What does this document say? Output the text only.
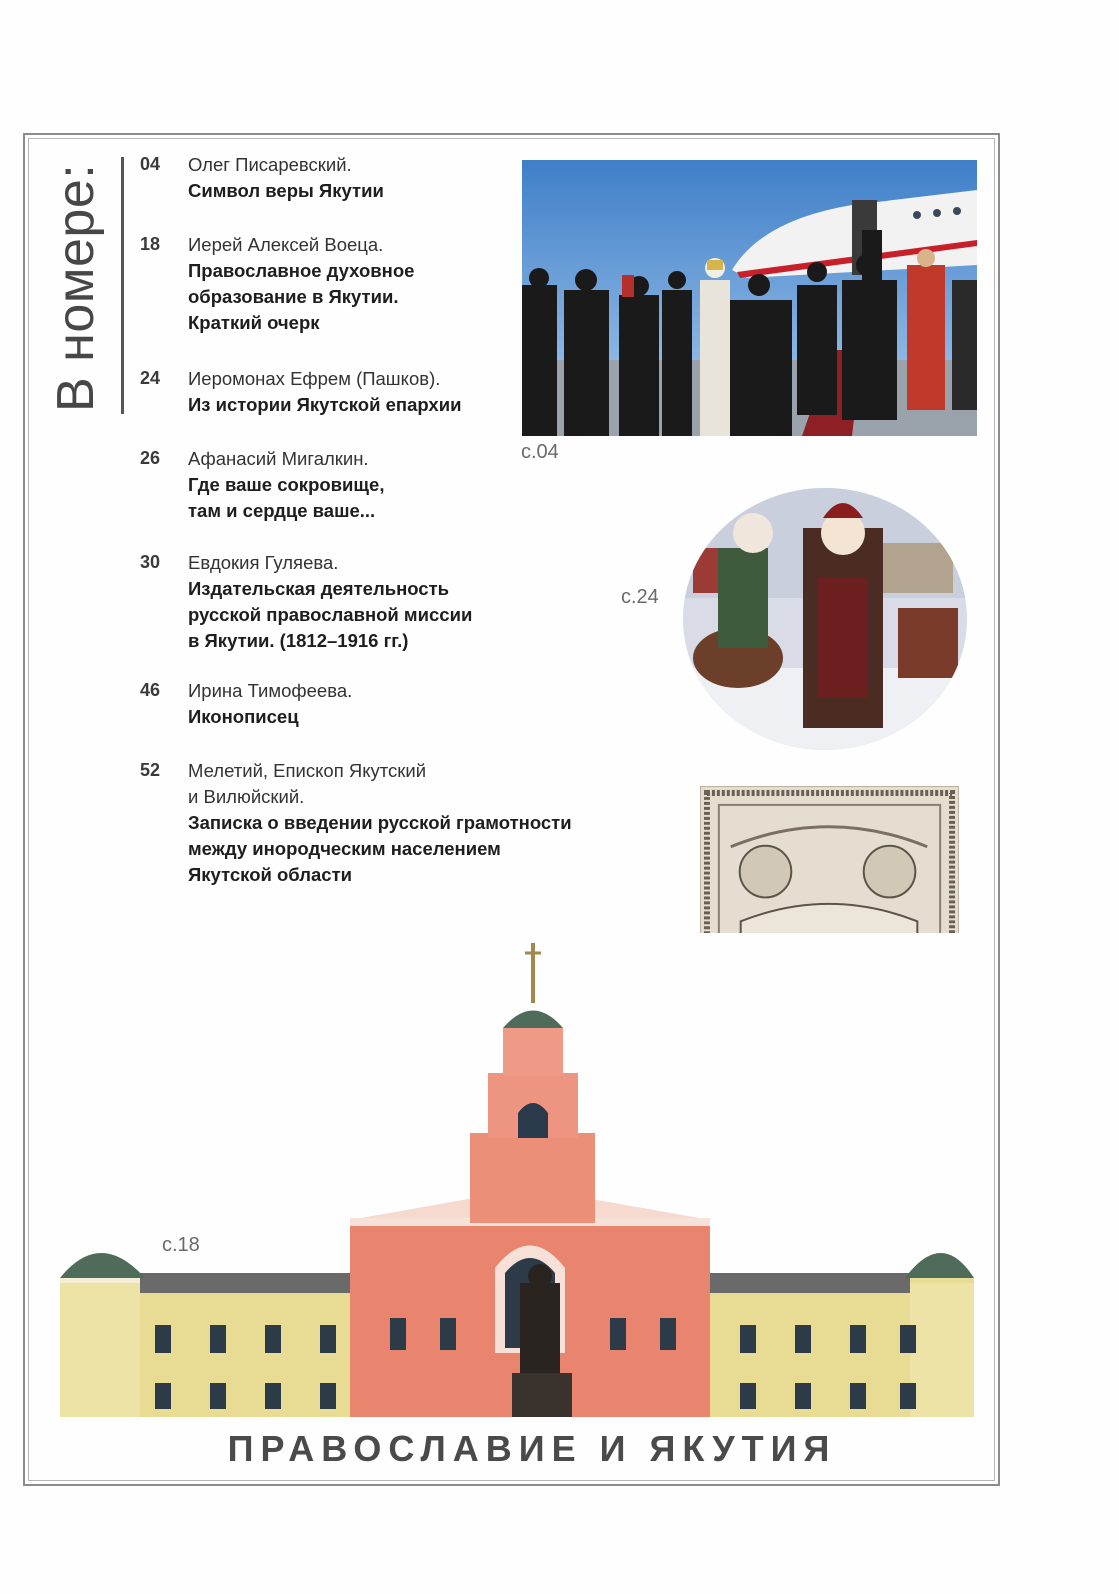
В номере: 04	Олег Писаревский.
Символ веры Якутии
18	Иерей Алексей Воеца.
Православное духовное
образование в Якутии.
Краткий очерк
24	Иеромонах Ефрем (Пашков).
Из истории Якутской епархии
26	Афанасий Мигалкин.
Где ваше сокровище,
там и сердце ваше...
30	Евдокия Гуляева.
Издательская деятельность
русской православной миссии
в Якутии. (1812–1916 гг.)
46	Ирина Тимофеева.
Иконописец
52	Мелетий, Епископ Якутский
и Вилюйский.
Записка о введении русской грамотности
между инородческим населением
Якутской области
с.04
с.24
с.18
ПРАВОСЛАВИЕ И ЯКУТИЯ
